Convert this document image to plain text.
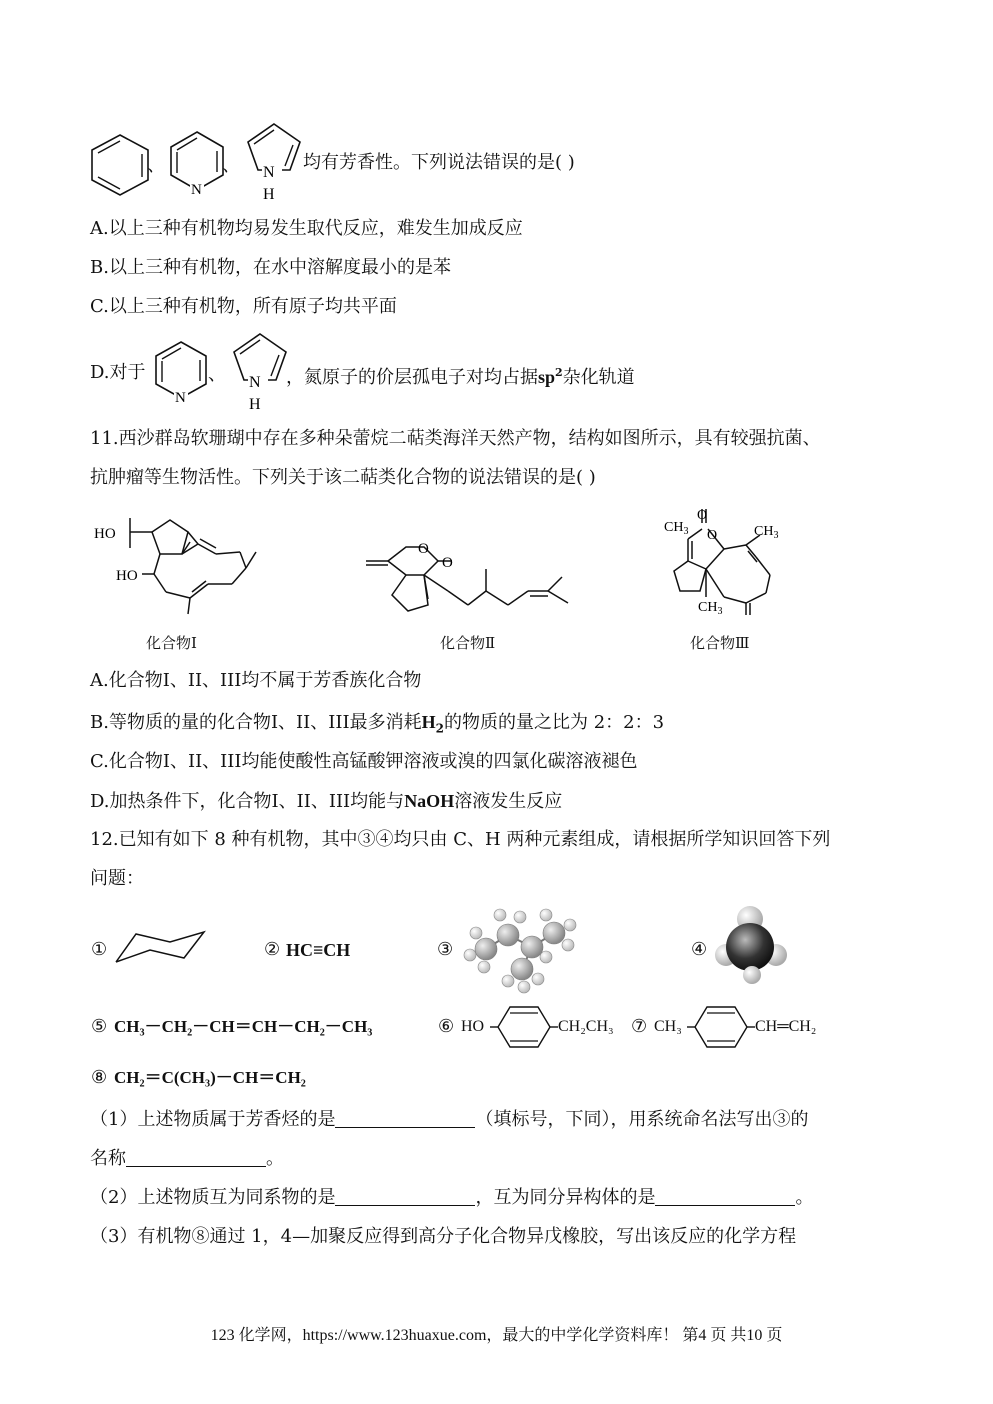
、
N
、 N
H
均有芳香性。下列说法错误的是( )
A.以上三种有机物均易发生取代反应，难发生加成反应
B.以上三种有机物，在水中溶解度最小的是苯
C.以上三种有机物，所有原子均共平面
D.对于
N
、 N
H
，氮原子的价层孤电子对均占据$sp^2$杂化轨道
11.西沙群岛软珊瑚中存在多种朵蕾烷二萜类海洋天然产物，结构如图所示，具有较强抗菌、
抗肿瘤等生物活性。下列关于该二萜类化合物的说法错误的是( )
HO
HO
化合物Ⅰ
O
O
化合物Ⅱ
O
O
$CH_3$	$CH_3$
$CH_3$
化合物Ⅲ
A.化合物I、II、III均不属于芳香族化合物
B.等物质的量的化合物I、II、III最多消耗$H_2$的物质的量之比为 2：2：3
C.化合物I、II、III均能使酸性高锰酸钾溶液或溴的四氯化碳溶液褪色
D.加热条件下，化合物I、II、III均能与NaOH溶液发生反应
12.已知有如下 8 种有机物，其中③④均只由 C、H 两种元素组成，请根据所学知识回答下列
问题：
①	② HC≡CH	③	④
⑤ CH₃－CH₂－CH＝CH－CH₂－CH₃	⑥ HO	CH₂CH₃ ⑦ CH₃	CH═CH₂
⑧ CH₂＝C(CH₃)－CH＝CH₂
（1）上述物质属于芳香烃的是	（填标号，下同），用系统命名法写出③的
名称	。
（2）上述物质互为同系物的是	，互为同分异构体的是	。
（3）有机物⑧通过 1，4—加聚反应得到高分子化合物异戊橡胶，写出该反应的化学方程
123 化学网，https://www.123huaxue.com，最大的中学化学资料库！ 第4 页 共10 页
